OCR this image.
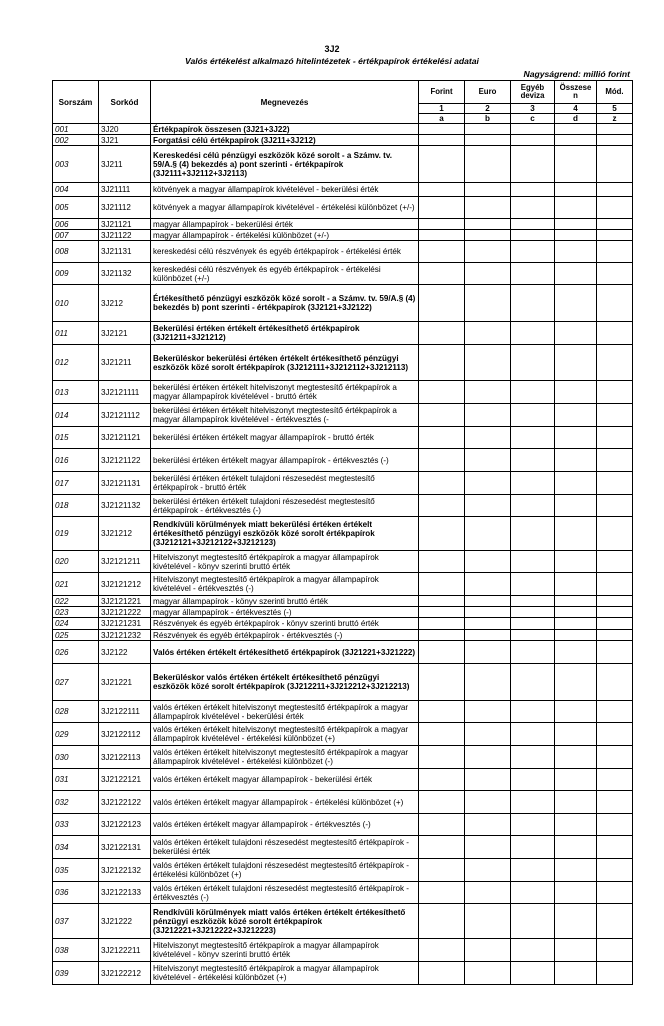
3J2
Valós értékelést alkalmazó hitelintézetek - értékpapírok értékelési adatai
Nagyságrend: millió forint
Sorszám	Sorkód	Megnevezés	Forint	Euro	Egyéb deviza	Összese n	Mód.
			1	2	3	4	5
			a	b	c	d	z
001	3J20	Értékpapírok összesen (3J21+3J22)					
002	3J21	Forgatási célú értékpapírok (3J211+3J212)					
003	3J211	Kereskedési célú pénzügyi eszközök közé sorolt - a Számv. tv. 59/A.§ (4) bekezdés a) pont szerinti - értékpapírok (3J2111+3J2112+3J2113)					
004	3J21111	kötvények a magyar állampapírok kivételével - bekerülési érték					
005	3J21112	kötvények a magyar állampapírok kivételével - értékelési különbözet (+/-)					
006	3J21121	magyar állampapírok - bekerülési érték					
007	3J21122	magyar állampapírok - értékelési különbözet (+/-)					
008	3J21131	kereskedési célú részvények és egyéb értékpapírok - értékelési érték					
009	3J21132	kereskedési célú részvények és egyéb értékpapírok - értékelési különbözet (+/-)					
010	3J212	Értékesíthető pénzügyi eszközök közé sorolt - a Számv. tv. 59/A.§ (4) bekezdés b) pont szerinti - értékpapírok (3J2121+3J2122)					
011	3J2121	Bekerülési értéken értékelt értékesíthető értékpapírok (3J21211+3J21212)					
012	3J21211	Bekerüléskor bekerülési értéken értékelt értékesíthető pénzügyi eszközök közé sorolt értékpapírok (3J212111+3J212112+3J212113)					
013	3J2121111	bekerülési értéken értékelt hitelviszonyt megtestesítő értékpapírok a magyar állampapírok kivételével - bruttó érték					
014	3J2121112	bekerülési értéken értékelt hitelviszonyt megtestesítő értékpapírok a magyar állampapírok kivételével - értékvesztés (-					
015	3J2121121	bekerülési értéken értékelt magyar állampapírok - bruttó érték					
016	3J2121122	bekerülési értéken értékelt magyar állampapírok - értékvesztés (-)					
017	3J2121131	bekerülési értéken értékelt tulajdoni részesedést megtestesítő értékpapírok - bruttó érték					
018	3J2121132	bekerülési értéken értékelt tulajdoni részesedést megtestesítő értékpapírok - értékvesztés (-)					
019	3J21212	Rendkívüli körülmények miatt bekerülési értéken értékelt értékesíthető pénzügyi eszközök közé sorolt értékpapírok (3J212121+3J212122+3J212123)					
020	3J2121211	Hitelviszonyt megtestesítő értékpapírok a magyar állampapírok kivételével - könyv szerinti bruttó érték					
021	3J2121212	Hitelviszonyt megtestesítő értékpapírok a magyar állampapírok kivételével - értékvesztés (-)					
022	3J2121221	magyar állampapírok - könyv szerinti bruttó érték					
023	3J2121222	magyar állampapírok - értékvesztés (-)					
024	3J2121231	Részvények és egyéb értékpapírok - könyv szerinti bruttó érték					
025	3J2121232	Részvények és egyéb értékpapírok - értékvesztés (-)					
026	3J2122	Valós értéken értékelt értékesíthető értékpapírok (3J21221+3J21222)					
027	3J21221	Bekerüléskor valós értéken értékelt értékesíthető pénzügyi eszközök közé sorolt értékpapírok (3J212211+3J212212+3J212213)					
028	3J2122111	valós értéken értékelt hitelviszonyt megtestesítő értékpapírok a magyar állampapírok kivételével - bekerülési érték					
029	3J2122112	valós értéken értékelt hitelviszonyt megtestesítő értékpapírok a magyar állampapírok kivételével - értékelési különbözet (+)					
030	3J2122113	valós értéken értékelt hitelviszonyt megtestesítő értékpapírok a magyar állampapírok kivételével - értékelési különbözet (-)					
031	3J2122121	valós értéken értékelt magyar állampapírok - bekerülési érték					
032	3J2122122	valós értéken értékelt magyar állampapírok - értékelési különbözet (+)					
033	3J2122123	valós értéken értékelt magyar állampapírok - értékvesztés (-)					
034	3J2122131	valós értéken értékelt tulajdoni részesedést megtestesítő értékpapírok - bekerülési érték					
035	3J2122132	valós értéken értékelt tulajdoni részesedést megtestesítő értékpapírok - értékelési különbözet (+)					
036	3J2122133	valós értéken értékelt tulajdoni részesedést megtestesítő értékpapírok - értékvesztés (-)					
037	3J21222	Rendkívüli körülmények miatt valós értéken értékelt értékesíthető pénzügyi eszközök közé sorolt értékpapírok (3J212221+3J212222+3J212223)					
038	3J2122211	Hitelviszonyt megtestesítő értékpapírok a magyar állampapírok kivételével - könyv szerinti bruttó érték					
039	3J2122212	Hitelviszonyt megtestesítő értékpapírok a magyar állampapírok kivételével - értékelési különbözet (+)					
